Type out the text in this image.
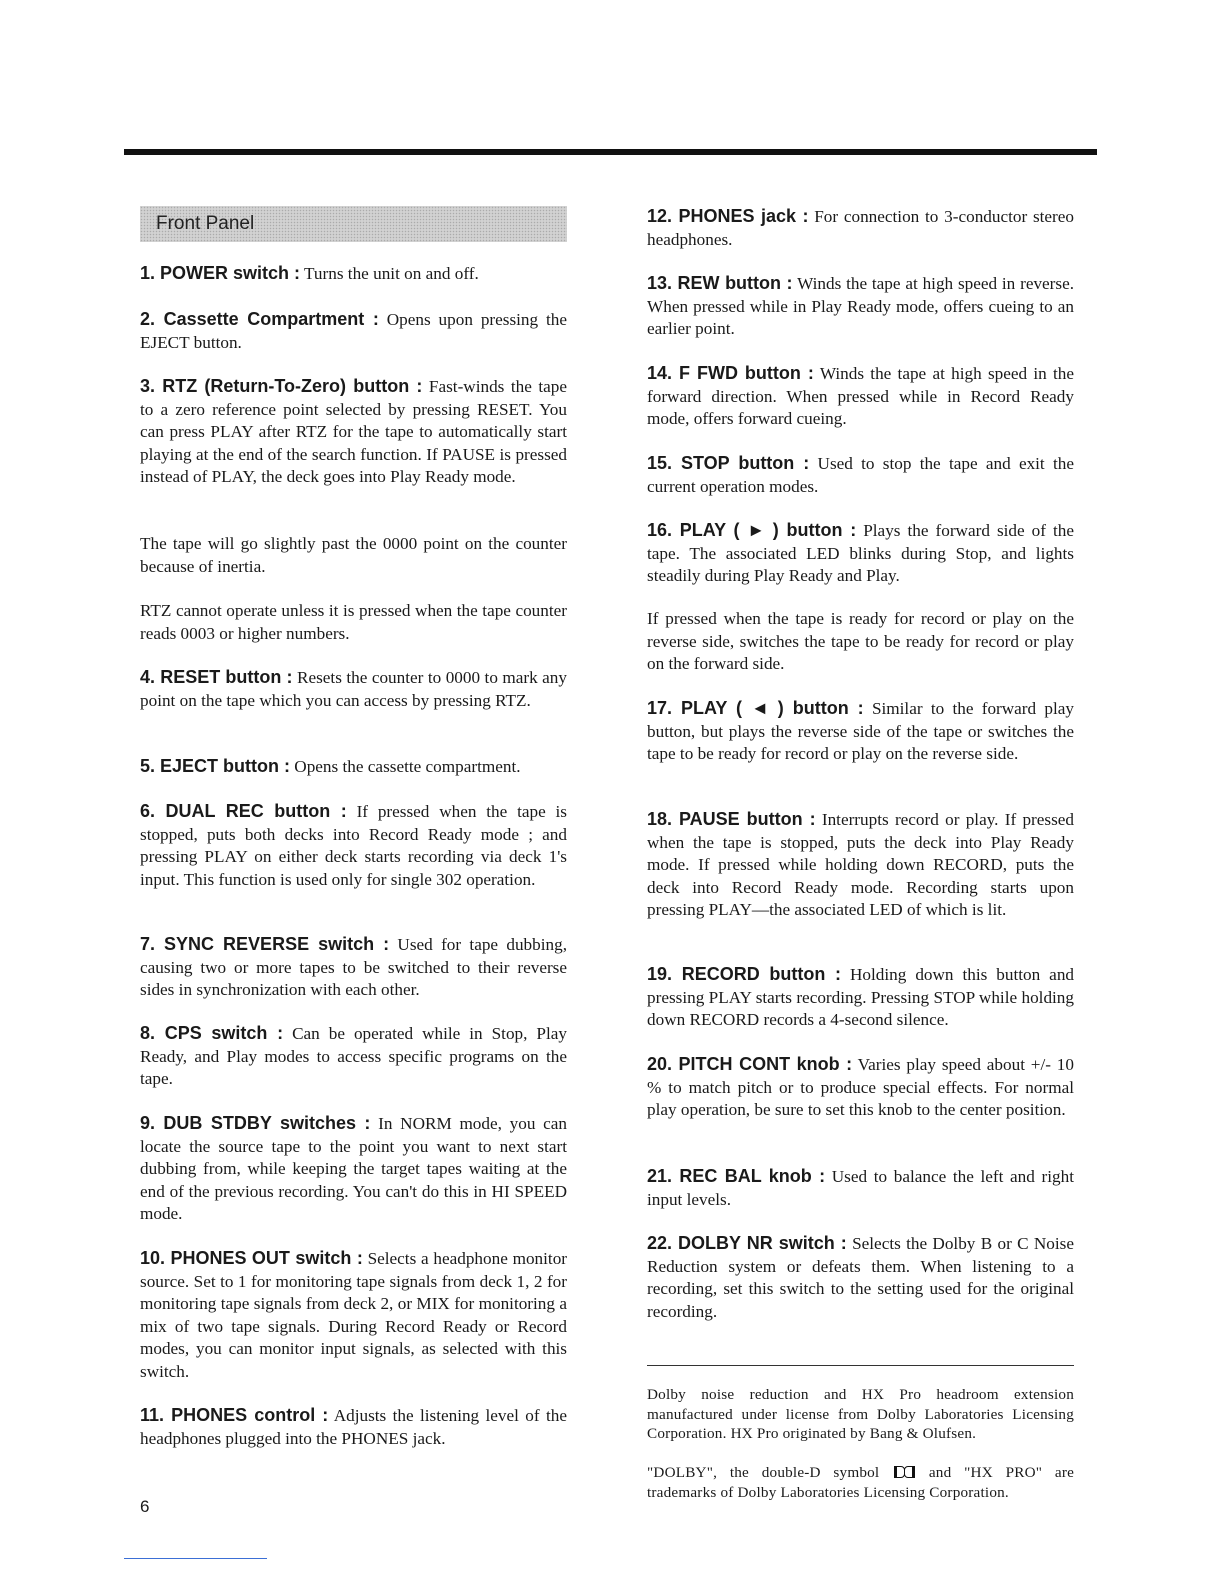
Front Panel

1. POWER switch : Turns the unit on and off.

2. Cassette Compartment : Opens upon pressing the EJECT button.

3. RTZ (Return-To-Zero) button : Fast-winds the tape to a zero reference point selected by pressing RESET. You can press PLAY after RTZ for the tape to automatically start playing at the end of the search function. If PAUSE is pressed instead of PLAY, the deck goes into Play Ready mode.

The tape will go slightly past the 0000 point on the counter because of inertia.

RTZ cannot operate unless it is pressed when the tape counter reads 0003 or higher numbers.

4. RESET button : Resets the counter to 0000 to mark any point on the tape which you can access by pressing RTZ.

5. EJECT button : Opens the cassette compartment.

6. DUAL REC button : If pressed when the tape is stopped, puts both decks into Record Ready mode ; and pressing PLAY on either deck starts recording via deck 1's input. This function is used only for single 302 operation.

7. SYNC REVERSE switch : Used for tape dubbing, causing two or more tapes to be switched to their reverse sides in synchronization with each other.

8. CPS switch : Can be operated while in Stop, Play Ready, and Play modes to access specific programs on the tape.

9. DUB STDBY switches : In NORM mode, you can locate the source tape to the point you want to next start dubbing from, while keeping the target tapes waiting at the end of the previous recording. You can't do this in HI SPEED mode.

10. PHONES OUT switch : Selects a headphone monitor source. Set to 1 for monitoring tape signals from deck 1, 2 for monitoring tape signals from deck 2, or MIX for monitoring a mix of two tape signals. During Record Ready or Record modes, you can monitor input signals, as selected with this switch.

11. PHONES control : Adjusts the listening level of the headphones plugged into the PHONES jack.

12. PHONES jack : For connection to 3-conductor stereo headphones.

13. REW button : Winds the tape at high speed in reverse. When pressed while in Play Ready mode, offers cueing to an earlier point.

14. F FWD button : Winds the tape at high speed in the forward direction. When pressed while in Record Ready mode, offers forward cueing.

15. STOP button : Used to stop the tape and exit the current operation modes.

16. PLAY ( ► ) button : Plays the forward side of the tape. The associated LED blinks during Stop, and lights steadily during Play Ready and Play.

If pressed when the tape is ready for record or play on the reverse side, switches the tape to be ready for record or play on the forward side.

17. PLAY ( ◄ ) button : Similar to the forward play button, but plays the reverse side of the tape or switches the tape to be ready for record or play on the reverse side.

18. PAUSE button : Interrupts record or play. If pressed when the tape is stopped, puts the deck into Play Ready mode. If pressed while holding down RECORD, puts the deck into Record Ready mode. Recording starts upon pressing PLAY—the associated LED of which is lit.

19. RECORD button : Holding down this button and pressing PLAY starts recording. Pressing STOP while holding down RECORD records a 4-second silence.

20. PITCH CONT knob : Varies play speed about +/- 10 % to match pitch or to produce special effects. For normal play operation, be sure to set this knob to the center position.

21. REC BAL knob : Used to balance the left and right input levels.

22. DOLBY NR switch : Selects the Dolby B or C Noise Reduction system or defeats them. When listening to a recording, set this switch to the setting used for the original recording.

Dolby noise reduction and HX Pro headroom extension manufactured under license from Dolby Laboratories Licensing Corporation. HX Pro originated by Bang & Olufsen.

"DOLBY", the double-D symbol	and "HX PRO" are trademarks of Dolby Laboratories Licensing Corporation.

6
